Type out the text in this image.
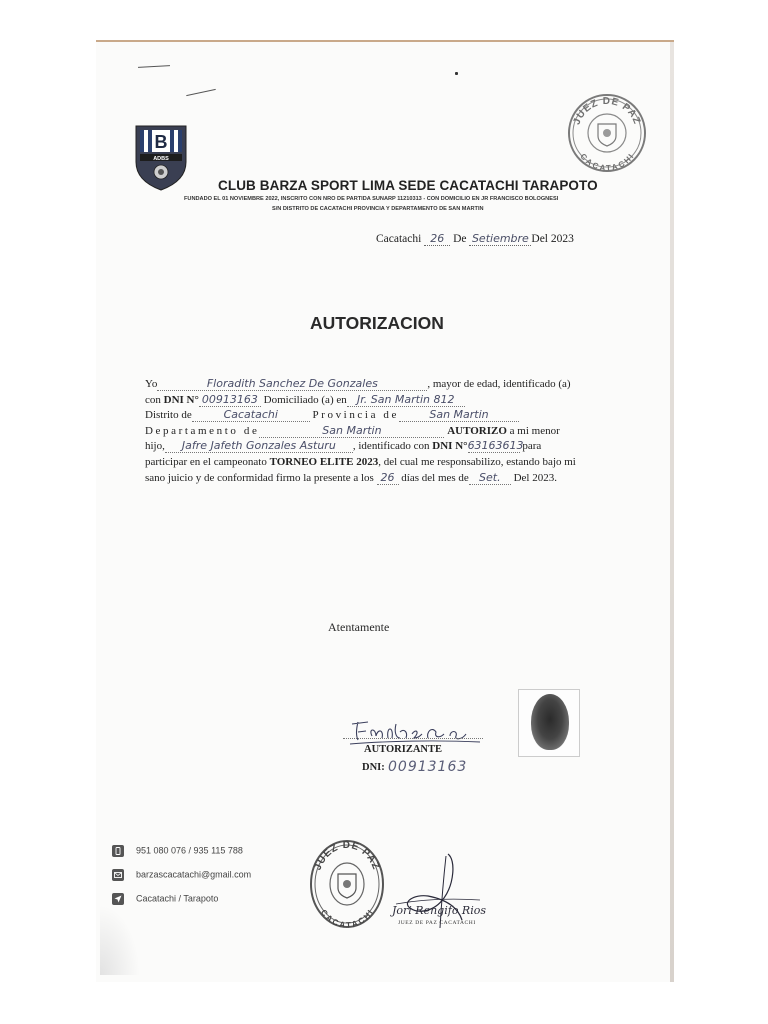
B
ADBS
JUEZ DE PAZ
CACATACHI
CLUB BARZA SPORT LIMA SEDE CACATACHI TARAPOTO
FUNDADO EL 01 NOVIEMBRE 2022, INSCRITO CON NRO DE PARTIDA SUNARP 11210313 - CON DOMICILIO EN JR FRANCISCO BOLOGNESI
S/N DISTRITO DE CACATACHI PROVINCIA Y DEPARTAMENTO DE SAN MARTIN
Cacatachi 26 De Setiembre Del 2023
AUTORIZACION
Yo	Floradith Sanchez De Gonzales	, mayor de edad, identificado (a)
con DNI N° 00913163 Domiciliado (a) en Jr. San Martin 812
Distrito de	Cacatachi	Provincia de	San Martin
Departamento de	San Martin	AUTORIZO a mi menor
hijo, Jafre Jafeth Gonzales Asturu , identificado con DNI N°63163613 para
participar en el campeonato TORNEO ELITE 2023, del cual me responsabilizo, estando bajo mi
sano juicio y de conformidad firmo la presente a los 26 días del mes de Set. Del 2023.
Atentamente
FSanchez DG.
AUTORIZANTE
DNI: 00913163
951 080 076 / 935 115 788
barzascacatachi@gmail.com
Cacatachi / Tarapoto
JUEZ DE PAZ
CACATACHI Jori Rengifo Rios
JUEZ DE PAZ CACATACHI
